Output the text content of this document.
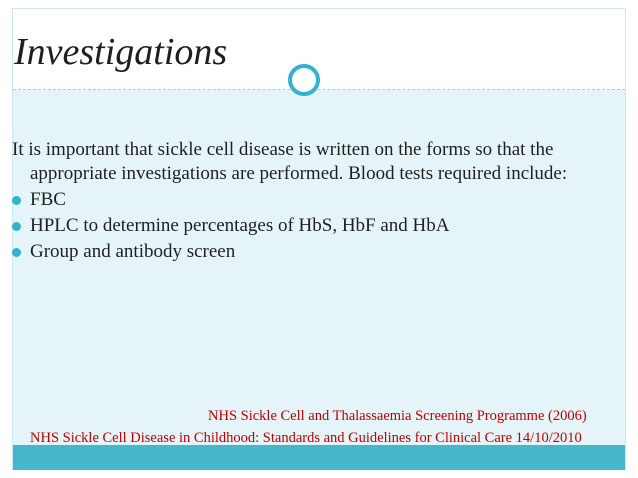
Investigations

It is important that sickle cell disease is written on the forms so that the appropriate investigations are performed. Blood tests required include:

FBC
HPLC to determine percentages of HbS, HbF and HbA
Group and antibody screen
NHS Sickle Cell and Thalassaemia Screening Programme (2006)
NHS Sickle Cell Disease in Childhood: Standards and Guidelines for Clinical Care 14/10/2010
